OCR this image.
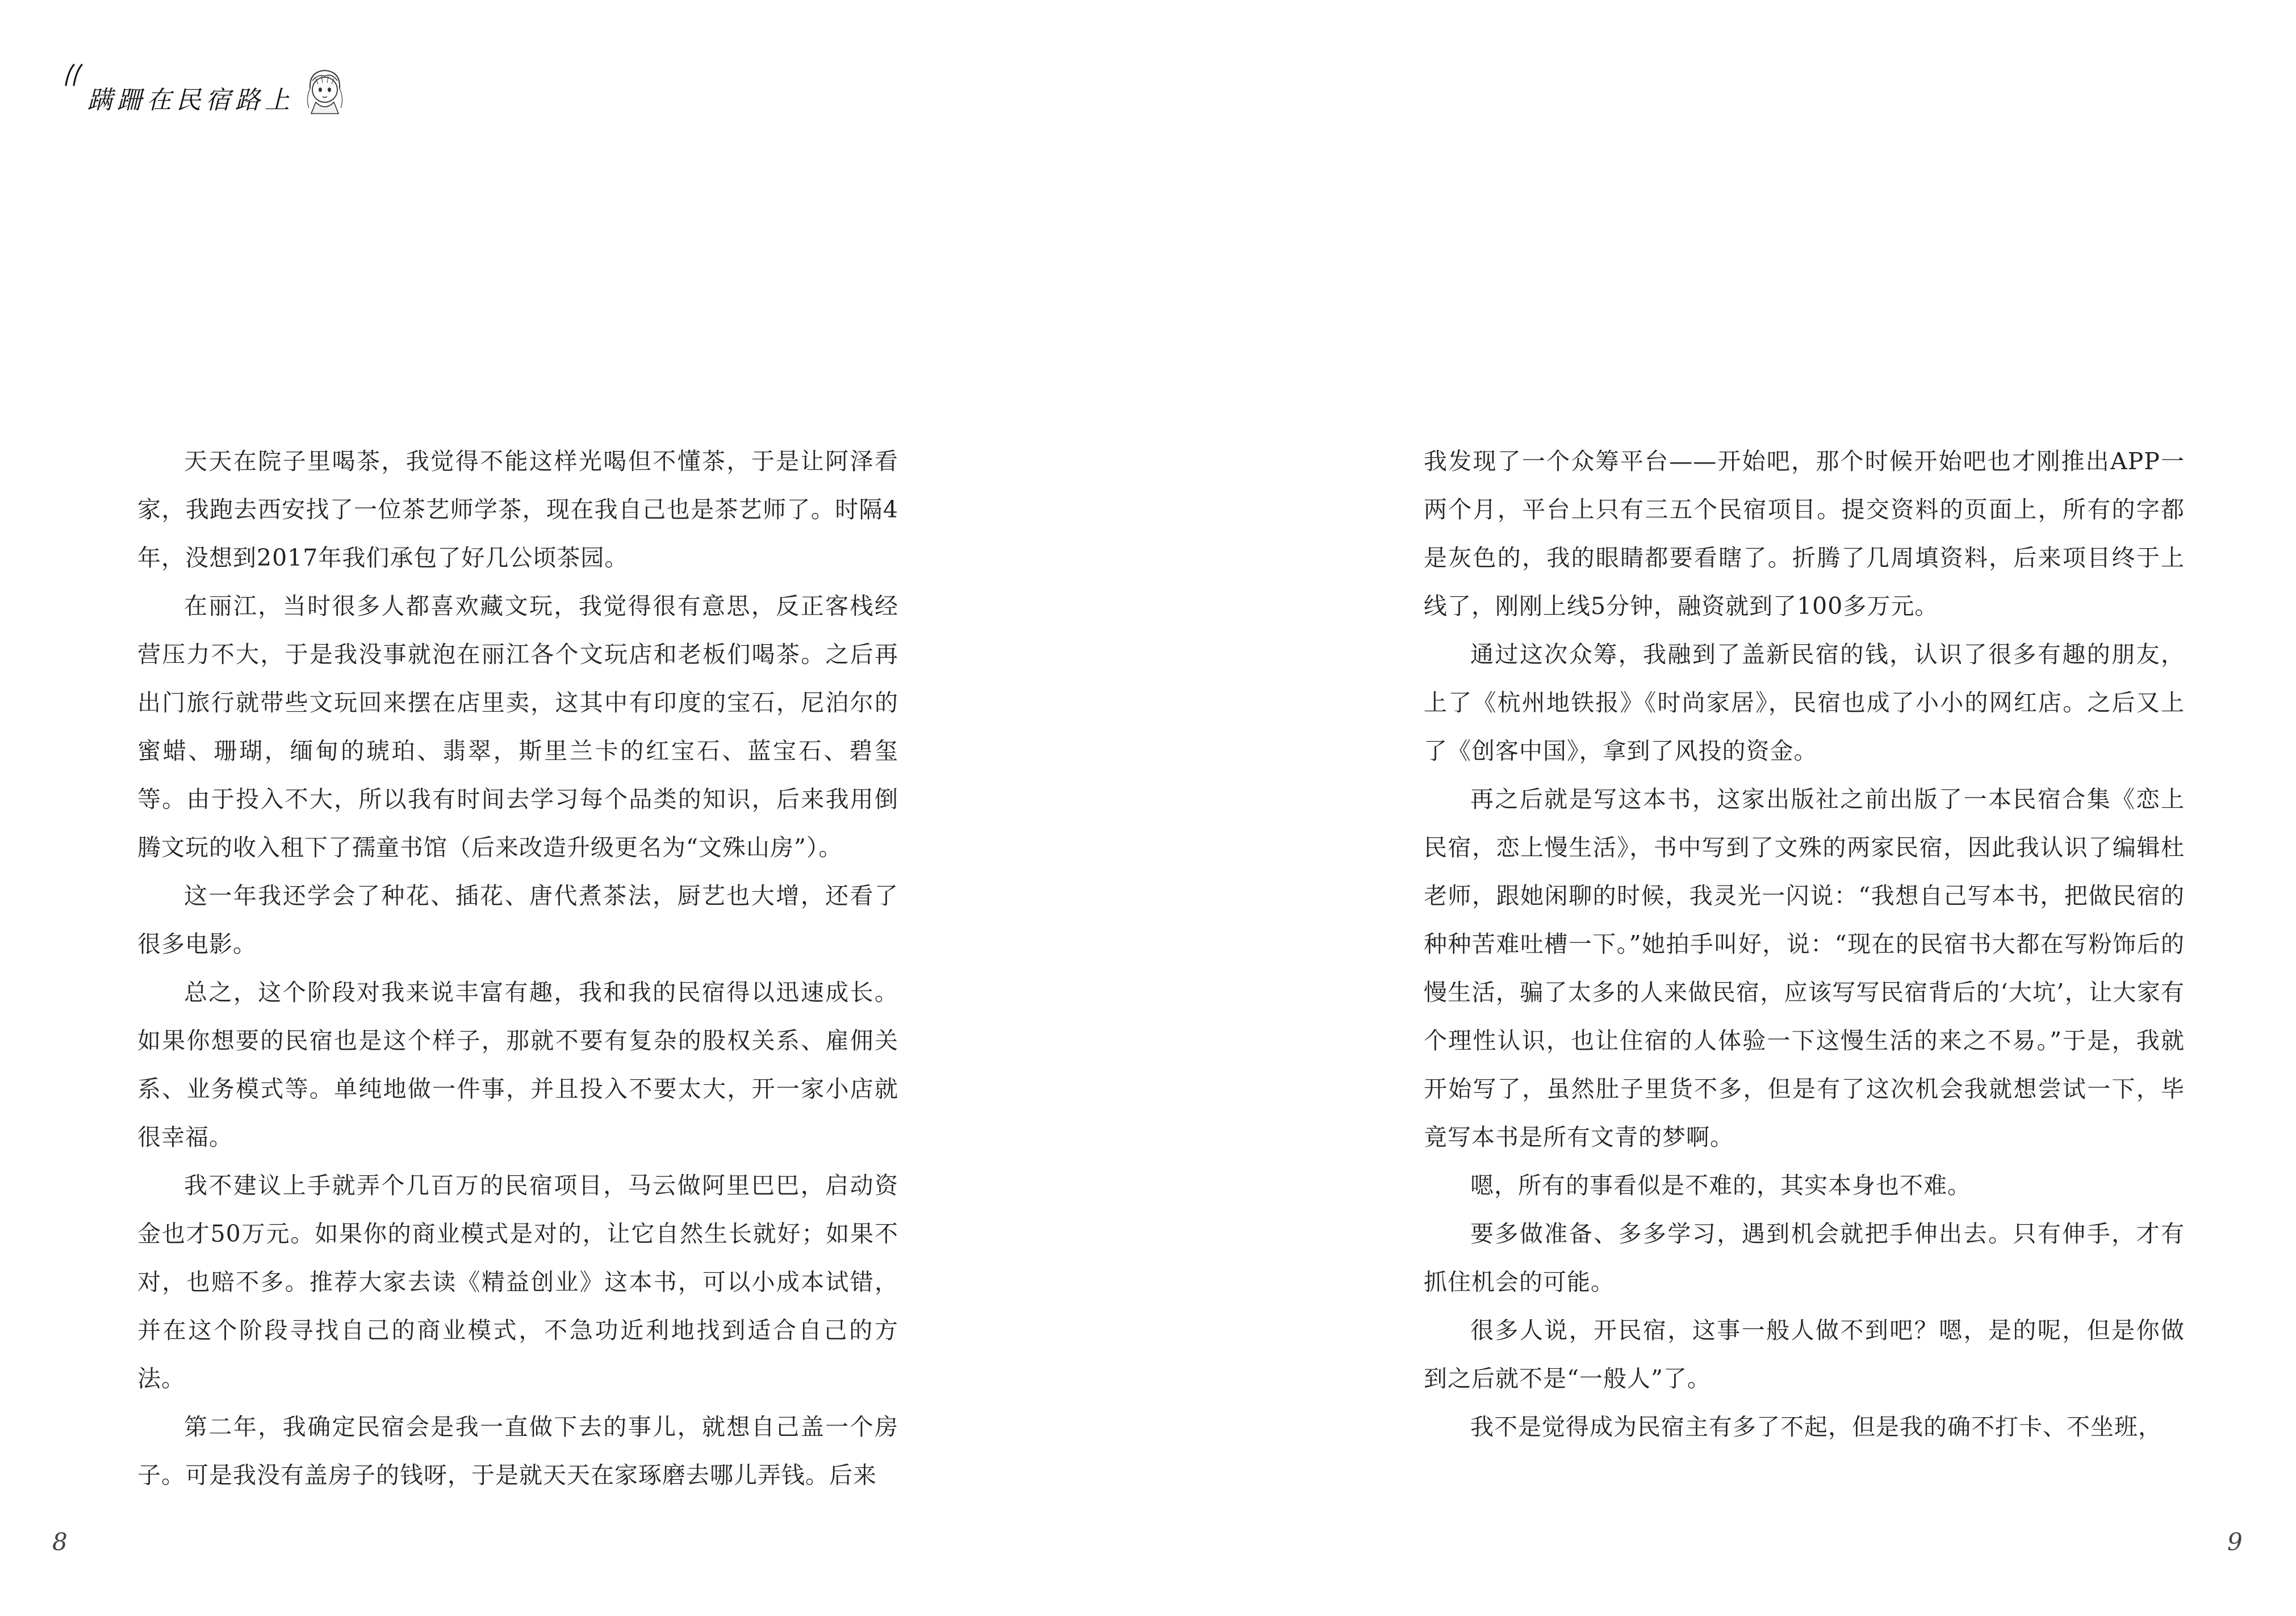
蹒跚在民宿路上

天天在院子里喝茶，我觉得不能这样光喝但不懂茶，于是让阿泽看家，我跑去西安找了一位茶艺师学茶，现在我自己也是茶艺师了。时隔4年，没想到2017年我们承包了好几公顷茶园。

在丽江，当时很多人都喜欢藏文玩，我觉得很有意思，反正客栈经营压力不大，于是我没事就泡在丽江各个文玩店和老板们喝茶。之后再出门旅行就带些文玩回来摆在店里卖，这其中有印度的宝石，尼泊尔的蜜蜡、珊瑚，缅甸的琥珀、翡翠，斯里兰卡的红宝石、蓝宝石、碧玺等。由于投入不大，所以我有时间去学习每个品类的知识，后来我用倒腾文玩的收入租下了孺童书馆（后来改造升级更名为“文殊山房”）。

这一年我还学会了种花、插花、唐代煮茶法，厨艺也大增，还看了很多电影。

总之，这个阶段对我来说丰富有趣，我和我的民宿得以迅速成长。如果你想要的民宿也是这个样子，那就不要有复杂的股权关系、雇佣关系、业务模式等。单纯地做一件事，并且投入不要太大，开一家小店就很幸福。

我不建议上手就弄个几百万的民宿项目，马云做阿里巴巴，启动资金也才50万元。如果你的商业模式是对的，让它自然生长就好；如果不对，也赔不多。推荐大家去读《精益创业》这本书，可以小成本试错，并在这个阶段寻找自己的商业模式，不急功近利地找到适合自己的方法。

第二年，我确定民宿会是我一直做下去的事儿，就想自己盖一个房子。可是我没有盖房子的钱呀，于是就天天在家琢磨去哪儿弄钱。后来

我发现了一个众筹平台——开始吧，那个时候开始吧也才刚推出APP一两个月，平台上只有三五个民宿项目。提交资料的页面上，所有的字都是灰色的，我的眼睛都要看瞎了。折腾了几周填资料，后来项目终于上线了，刚刚上线5分钟，融资就到了100多万元。

通过这次众筹，我融到了盖新民宿的钱，认识了很多有趣的朋友，上了《杭州地铁报》《时尚家居》，民宿也成了小小的网红店。之后又上了《创客中国》，拿到了风投的资金。

再之后就是写这本书，这家出版社之前出版了一本民宿合集《恋上民宿，恋上慢生活》，书中写到了文殊的两家民宿，因此我认识了编辑杜老师，跟她闲聊的时候，我灵光一闪说：“我想自己写本书，把做民宿的种种苦难吐槽一下。”她拍手叫好，说：“现在的民宿书大都在写粉饰后的慢生活，骗了太多的人来做民宿，应该写写民宿背后的‘大坑’，让大家有个理性认识，也让住宿的人体验一下这慢生活的来之不易。”于是，我就开始写了，虽然肚子里货不多，但是有了这次机会我就想尝试一下，毕竟写本书是所有文青的梦啊。

嗯，所有的事看似是不难的，其实本身也不难。

要多做准备、多多学习，遇到机会就把手伸出去。只有伸手，才有抓住机会的可能。

很多人说，开民宿，这事一般人做不到吧？嗯，是的呢，但是你做到之后就不是“一般人”了。

我不是觉得成为民宿主有多了不起，但是我的确不打卡、不坐班，

8	9
